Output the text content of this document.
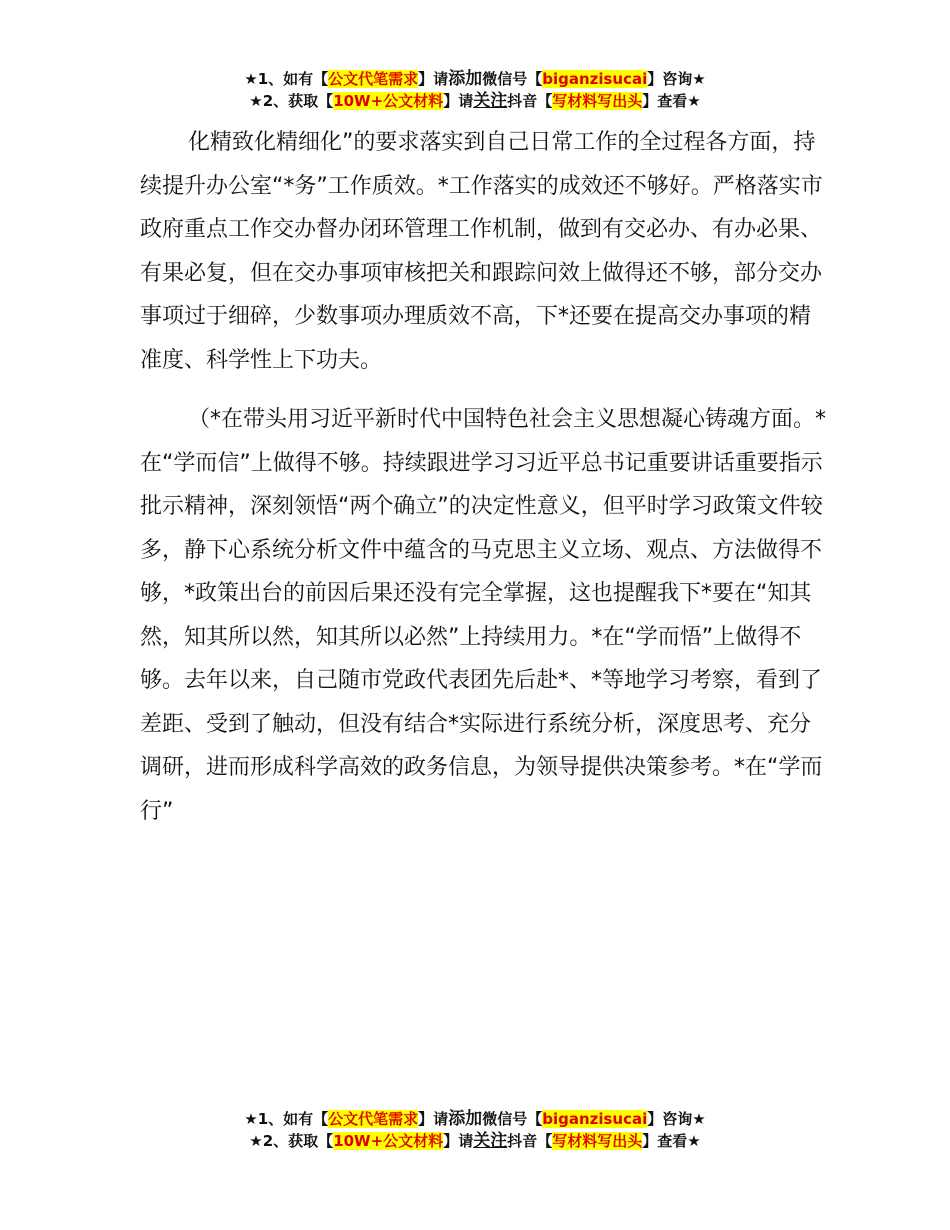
★1、如有【公文代笔需求】请添加微信号【biganzisucai】咨询★
★2、获取【10W+公文材料】请关注抖音【写材料写出头】查看★

化精致化精细化”的要求落实到自己日常工作的全过程各方面，持续提升办公室“*务”工作质效。*工作落实的成效还不够好。严格落实市政府重点工作交办督办闭环管理工作机制，做到有交必办、有办必果、有果必复，但在交办事项审核把关和跟踪问效上做得还不够，部分交办事项过于细碎，少数事项办理质效不高，下*还要在提高交办事项的精准度、科学性上下功夫。

（*在带头用习近平新时代中国特色社会主义思想凝心铸魂方面。*在“学而信”上做得不够。持续跟进学习习近平总书记重要讲话重要指示批示精神，深刻领悟“两个确立”的决定性意义，但平时学习政策文件较多，静下心系统分析文件中蕴含的马克思主义立场、观点、方法做得不够，*政策出台的前因后果还没有完全掌握，这也提醒我下*要在“知其然，知其所以然，知其所以必然”上持续用力。*在“学而悟”上做得不够。去年以来，自己随市党政代表团先后赴*、*等地学习考察，看到了差距、受到了触动，但没有结合*实际进行系统分析，深度思考、充分调研，进而形成科学高效的政务信息，为领导提供决策参考。*在“学而行”

★1、如有【公文代笔需求】请添加微信号【biganzisucai】咨询★
★2、获取【10W+公文材料】请关注抖音【写材料写出头】查看★
